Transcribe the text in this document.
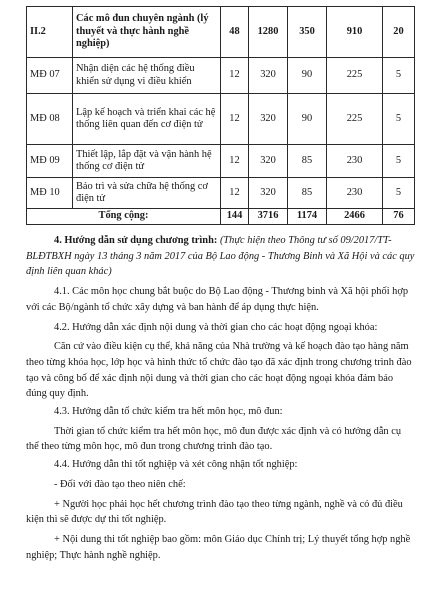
II.2	Các mô đun chuyên ngành (lý thuyết và thực hành nghề nghiệp)	48	1280	350	910	20
MĐ 07	Nhận diện các hệ thống điều khiển sử dụng vi điều khiển	12	320	90	225	5
MĐ 08	Lập kế hoạch và triển khai các hệ thống liên quan đến cơ điện tử	12	320	90	225	5
MĐ 09	Thiết lập, lắp đặt và vận hành hệ thống cơ điện tử	12	320	85	230	5
MĐ 10	Bảo trì và sửa chữa hệ thống cơ điện tử	12	320	85	230	5
Tổng cộng:		144	3716	1174	2466	76

4. Hướng dẫn sử dụng chương trình: (Thực hiện theo Thông tư số 09/2017/TT-BLĐTBXH ngày 13 tháng 3 năm 2017 của Bộ Lao động - Thương Binh và Xã Hội và các quy định liên quan khác)

4.1. Các môn học chung bắt buộc do Bộ Lao động - Thương binh và Xã hội phối hợp với các Bộ/ngành tổ chức xây dựng và ban hành để áp dụng thực hiện.

4.2. Hướng dẫn xác định nội dung và thời gian cho các hoạt động ngoại khóa:

Căn cứ vào điều kiện cụ thể, khả năng của Nhà trường và kế hoạch đào tạo hàng năm theo từng khóa học, lớp học và hình thức tổ chức đào tạo đã xác định trong chương trình đào tạo và công bố để xác định nội dung và thời gian cho các hoạt động ngoại khóa đảm bảo đúng quy định.

4.3. Hướng dẫn tổ chức kiểm tra hết môn học, mô đun:

Thời gian tổ chức kiểm tra hết môn học, mô đun được xác định và có hướng dẫn cụ thể theo từng môn học, mô đun trong chương trình đào tạo.

4.4. Hướng dẫn thi tốt nghiệp và xét công nhận tốt nghiệp:

- Đối với đào tạo theo niên chế:

+ Người học phải học hết chương trình đào tạo theo từng ngành, nghề và có đủ điều kiện thì sẽ được dự thi tốt nghiệp.

+ Nội dung thi tốt nghiệp bao gồm: môn Giáo dục Chính trị; Lý thuyết tổng hợp nghề nghiệp; Thực hành nghề nghiệp.
